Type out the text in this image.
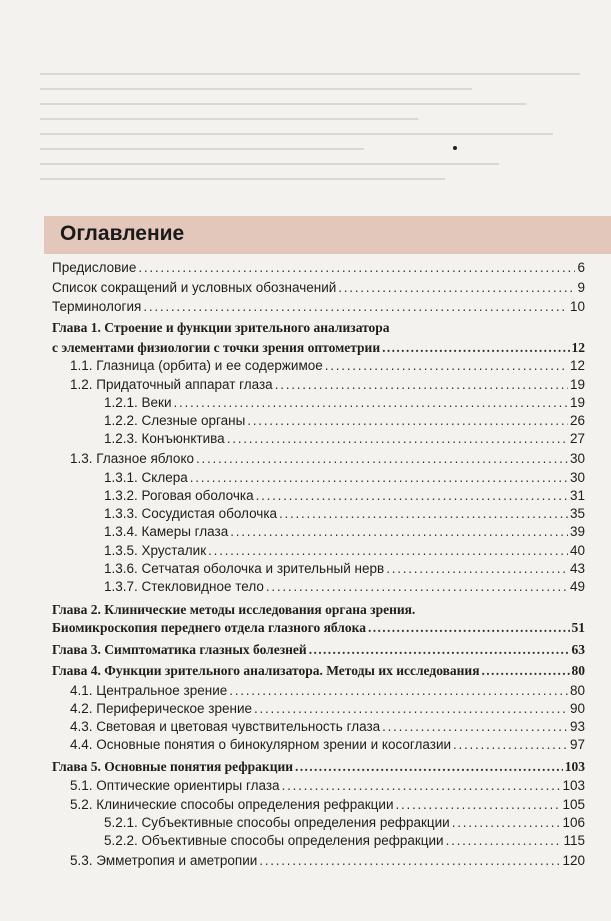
Оглавление
Предисловие . . .	6
Список сокращений и условных обозначений . . .	9
Терминология . . .	10
Глава 1. Строение и функции зрительного анализатора
с элементами физиологии с точки зрения оптометрии . . .	12
1.1. Глазница (орбита) и ее содержимое . . .	12
1.2. Придаточный аппарат глаза . . .	19
1.2.1. Веки . . .	19
1.2.2. Слезные органы . . .	26
1.2.3. Конъюнктива . . .	27
1.3. Глазное яблоко . . .	30
1.3.1. Склера . . .	30
1.3.2. Роговая оболочка . . .	31
1.3.3. Сосудистая оболочка . . .	35
1.3.4. Камеры глаза . . .	39
1.3.5. Хрусталик . . .	40
1.3.6. Сетчатая оболочка и зрительный нерв . . .	43
1.3.7. Стекловидное тело . . .	49
Глава 2. Клинические методы исследования органа зрения.
Биомикроскопия переднего отдела глазного яблока . . .	51
Глава 3. Симптоматика глазных болезней . . .	63
Глава 4. Функции зрительного анализатора. Методы их исследования . . .	80
4.1. Центральное зрение . . .	80
4.2. Периферическое зрение . . .	90
4.3. Световая и цветовая чувствительность глаза . . .	93
4.4. Основные понятия о бинокулярном зрении и косоглазии . . .	97
Глава 5. Основные понятия рефракции . . .	103
5.1. Оптические ориентиры глаза . . .	103
5.2. Клинические способы определения рефракции . . .	105
5.2.1. Субъективные способы определения рефракции . . .	106
5.2.2. Объективные способы определения рефракции . . .	115
5.3. Эмметропия и аметропии . . .	120
